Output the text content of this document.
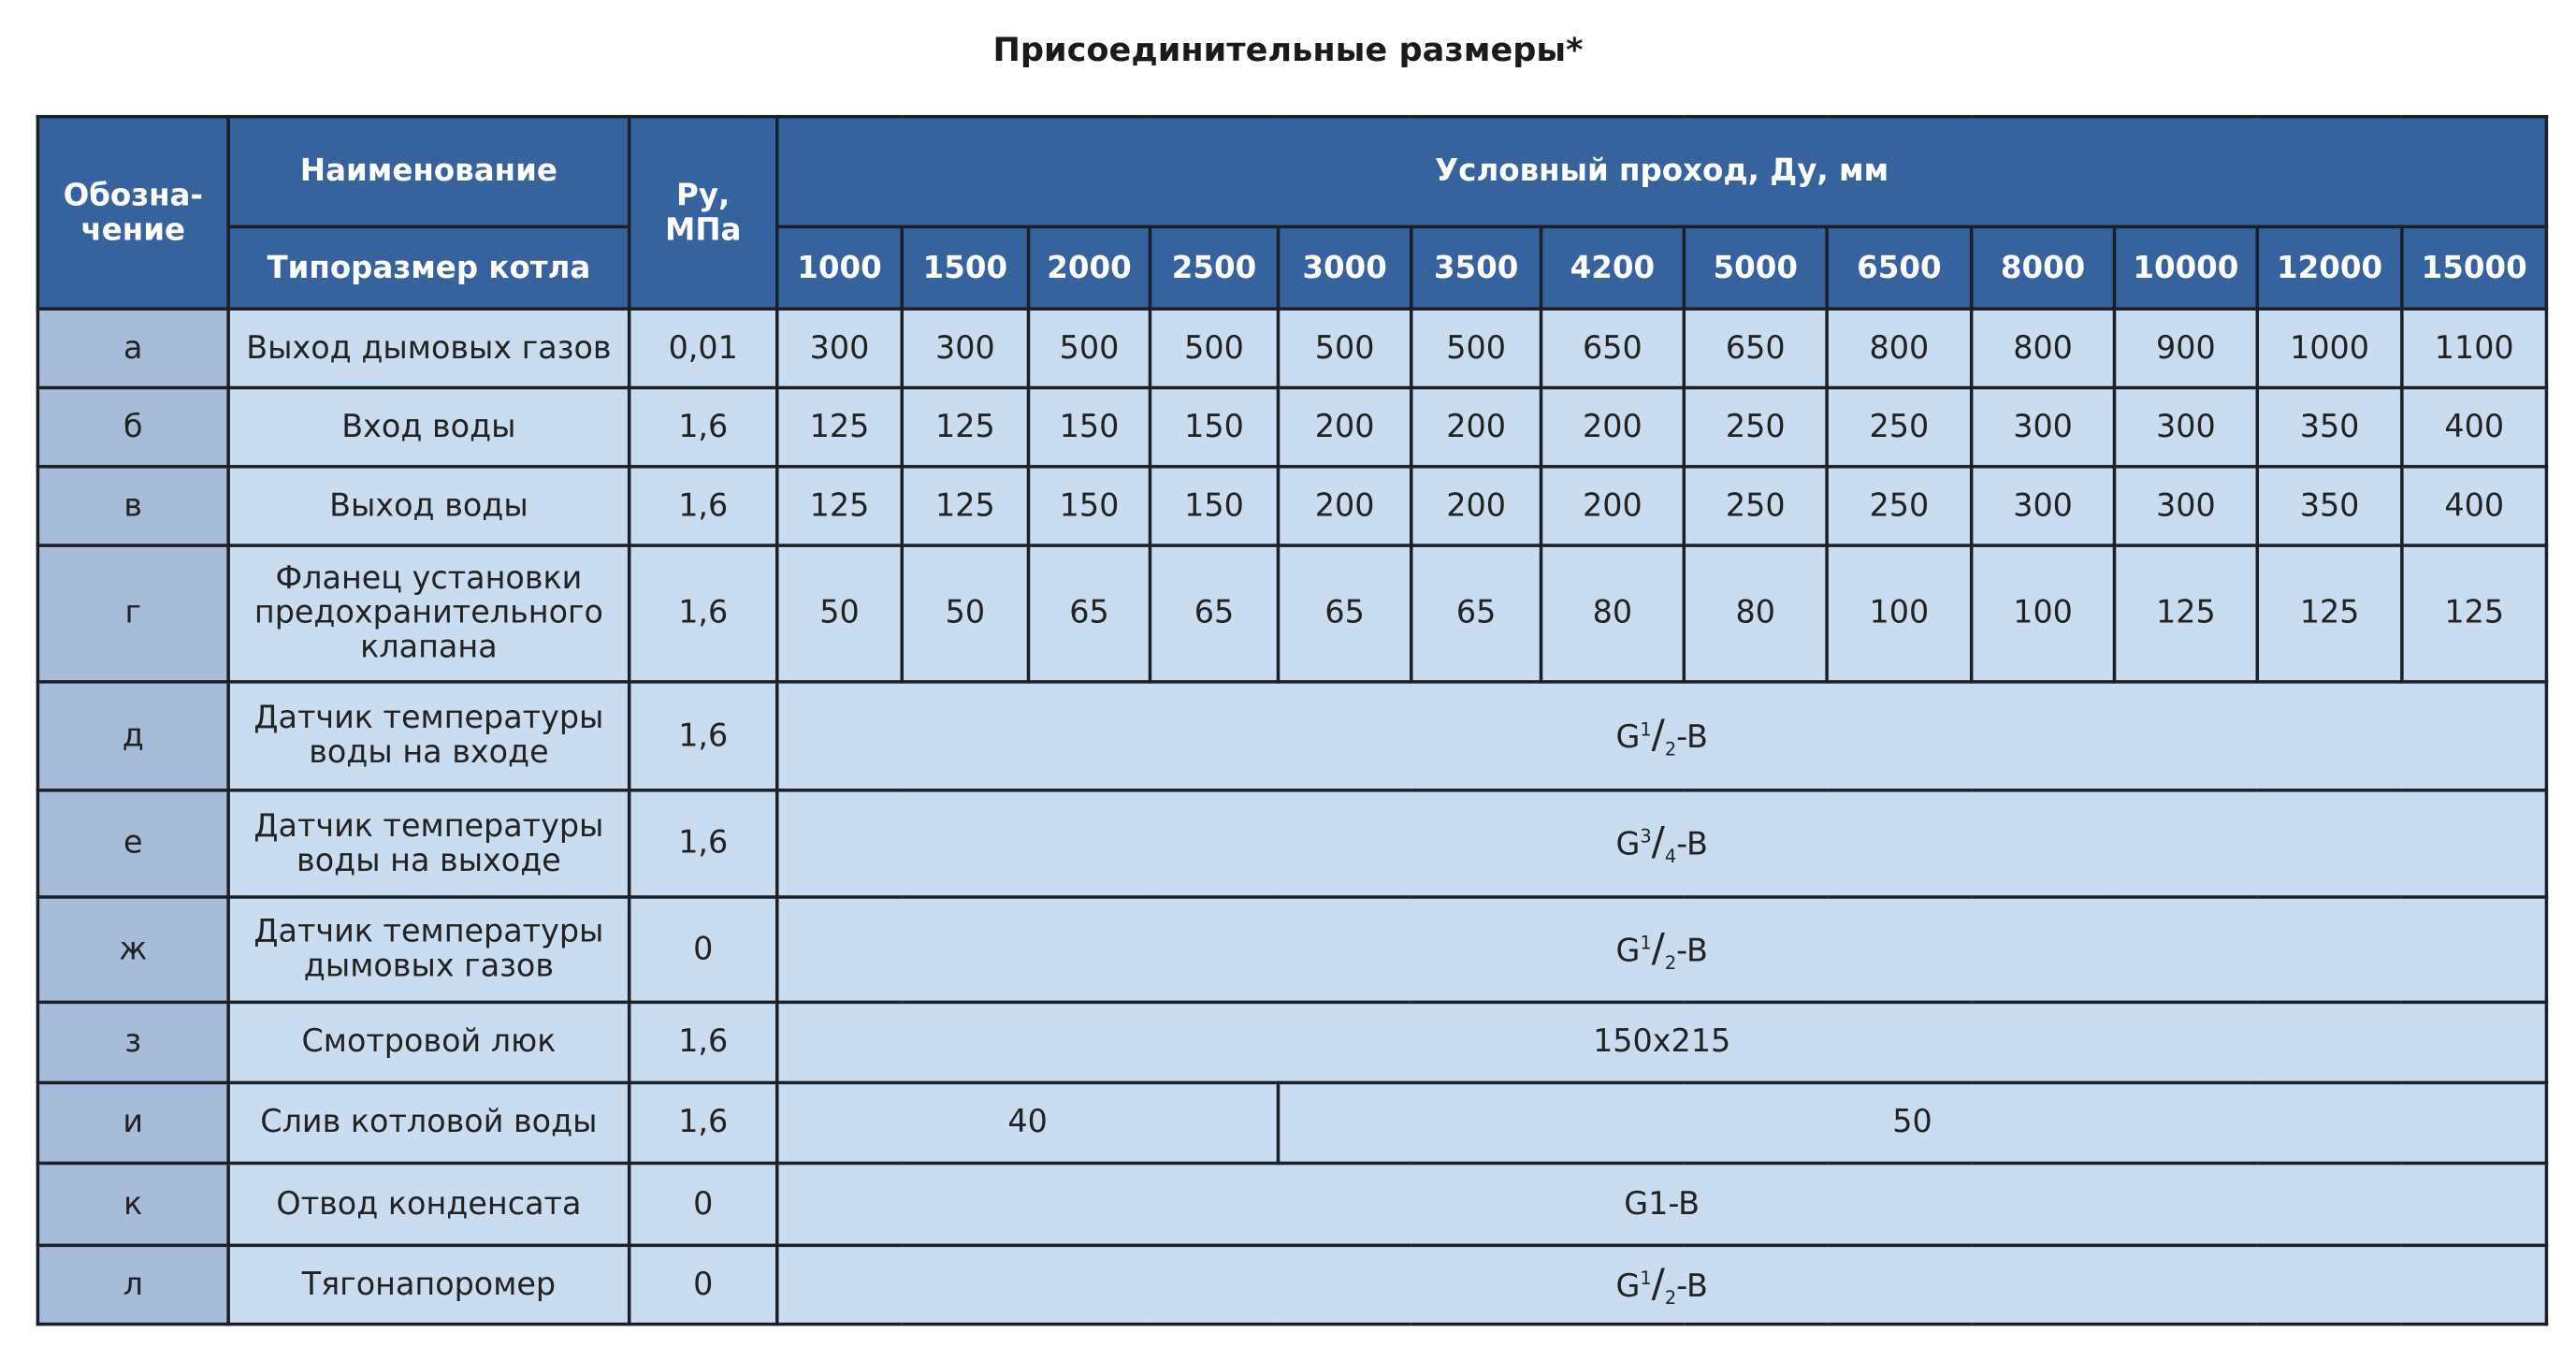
Присоединительные размеры*
Обозна-чение	Наименование	Ру, МПа	Условный проход, Ду, мм												
	Типоразмер котла		1000	1500	2000	2500	3000	3500	4200	5000	6500	8000	10000	12000	15000
а	Выход дымовых газов	0,01	300	300	500	500	500	500	650	650	800	800	900	1000	1100
б	Вход воды	1,6	125	125	150	150	200	200	200	250	250	300	300	350	400
в	Выход воды	1,6	125	125	150	150	200	200	200	250	250	300	300	350	400
г	Фланец установки предохранительного клапана	1,6	50	50	65	65	65	65	80	80	100	100	125	125	125
д	Датчик температуры воды на входе	1,6	$G^1/_2-B$												
е	Датчик температуры воды на выходе	1,6	$G^3/_4-B$												
ж	Датчик температуры дымовых газов	0	$G^1/_2-B$												
з	Смотровой люк	1,6	150x215												
и	Слив котловой воды	1,6	40				50								
к	Отвод конденсата	0	G1-B												
л	Тягонапоромер	0	$G^1/_2-B$												
